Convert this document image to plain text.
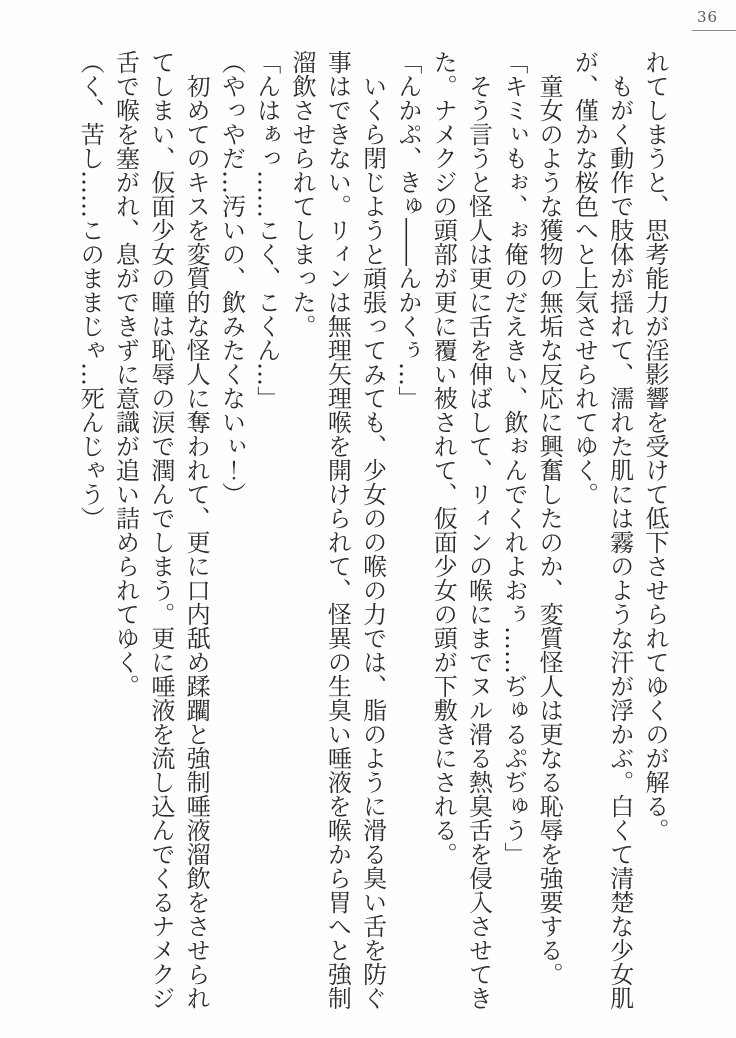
36

れてしまうと、思考能力が淫影響を受けて低下させられてゆくのが解る。

　もがく動作で肢体が揺れて、濡れた肌には霧のような汗が浮かぶ。白くて清楚な少女肌が、僅かな桜色へと上気させられてゆく。

　童女のような獲物の無垢な反応に興奮したのか、変質怪人は更なる恥辱を強要する。

「キミぃもぉ、ぉ俺のだえきい、飲ぉんでくれよおぅ……ぢゅるぷぢゅう」

　そう言うと怪人は更に舌を伸ばして、リィンの喉にまでヌル滑る熱臭舌を侵入させてきた。ナメクジの頭部が更に覆い被されて、仮面少女の頭が下敷きにされる。

「んかぷ、きゅ――んかくぅ…」

　いくら閉じようと頑張ってみても、少女のの喉の力では、脂のように滑る臭い舌を防ぐ事はできない。リィンは無理矢理喉を開けられて、怪異の生臭い唾液を喉から胃へと強制溜飲させられてしまった。

「んはぁっ……こく、こくん…」

（やっやだ…汚いの、飲みたくないぃ！）

　初めてのキスを変質的な怪人に奪われて、更に口内舐め蹂躙と強制唾液溜飲をさせられてしまい、仮面少女の瞳は恥辱の涙で潤んでしまう。更に唾液を流し込んでくるナメクジ舌で喉を塞がれ、息ができずに意識が追い詰められてゆく。

（く、苦し……このままじゃ…死んじゃう）
